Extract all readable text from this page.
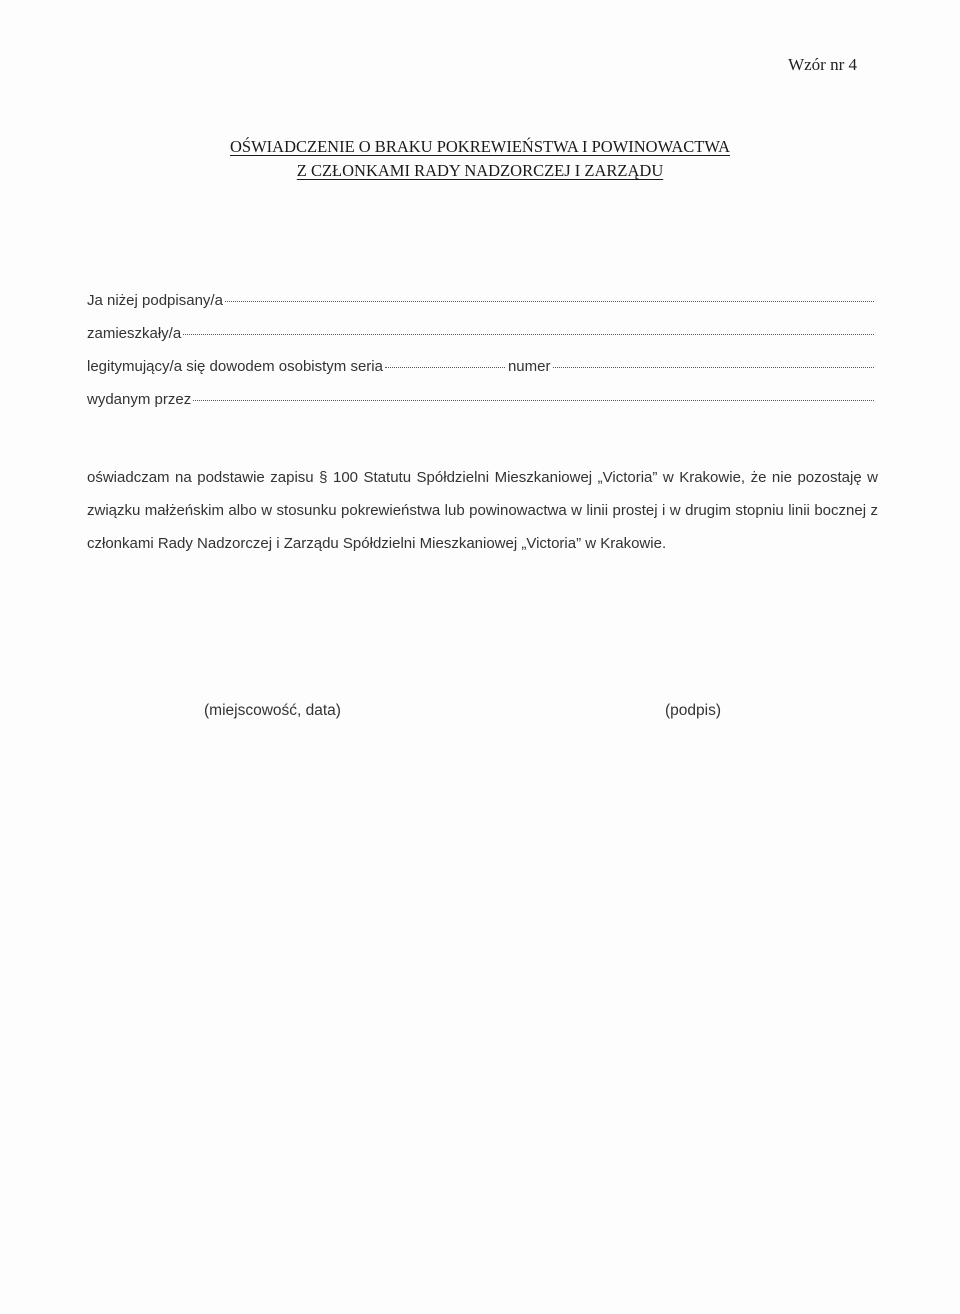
Wzór nr 4
OŚWIADCZENIE O BRAKU POKREWIEŃSTWA I POWINOWACTWA
Z CZŁONKAMI RADY NADZORCZEJ I ZARZĄDU
Ja niżej podpisany/a
zamieszkały/a
legitymujący/a się dowodem osobistym seria	numer
wydanym przez
oświadczam na podstawie zapisu § 100 Statutu Spółdzielni Mieszkaniowej „Victoria” w Krakowie, że nie pozostaję w związku małżeńskim albo w stosunku pokrewieństwa lub powinowactwa w linii prostej i w drugim stopniu linii bocznej z członkami Rady Nadzorczej i Zarządu Spółdzielni Mieszkaniowej „Victoria” w Krakowie.
(miejscowość, data)	(podpis)
